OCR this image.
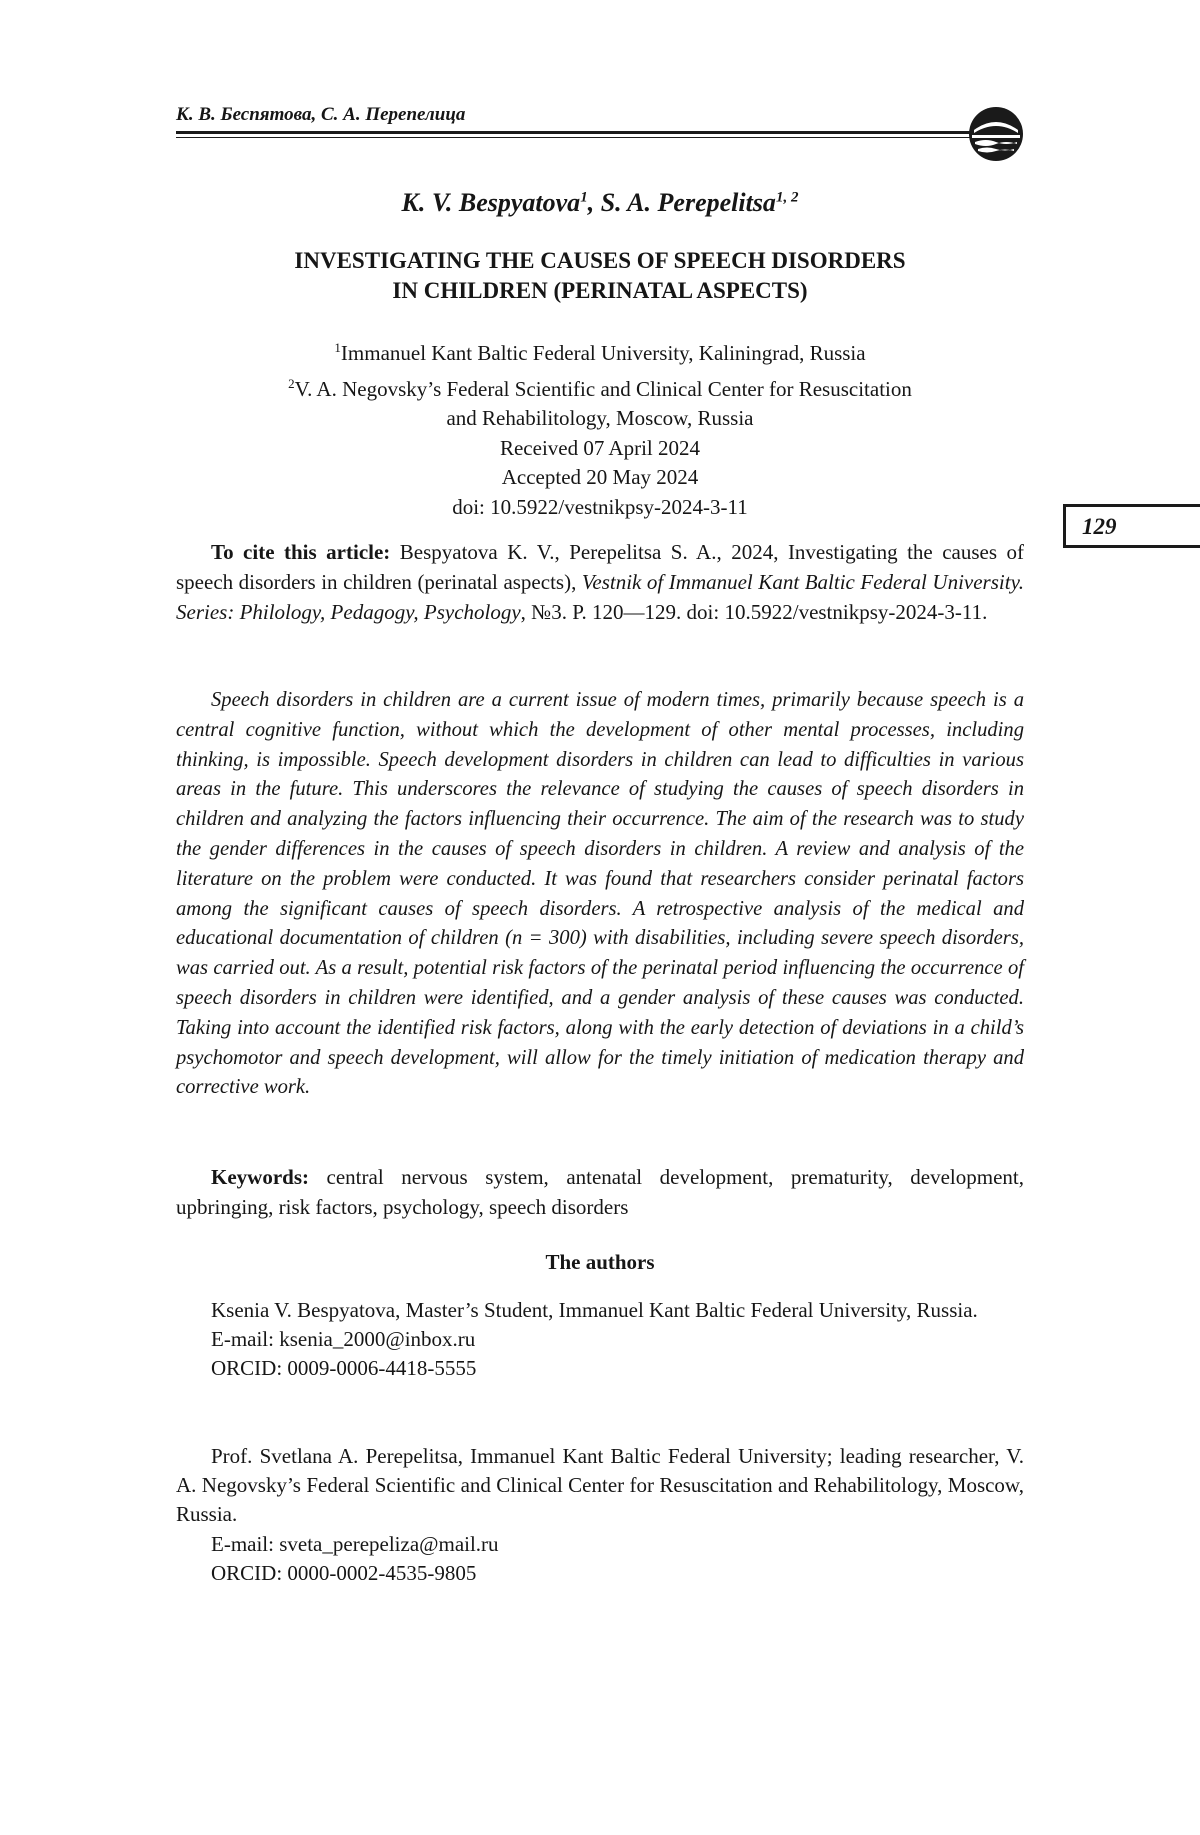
К. В. Беспятова, С. А. Перепелица
129
K. V. Bespyatova$^1$, S. A. Perepelitsa$^{1, 2}$
INVESTIGATING THE CAUSES OF SPEECH DISORDERS
IN CHILDREN (PERINATAL ASPECTS)
$^1$Immanuel Kant Baltic Federal University, Kaliningrad, Russia
$^2$V. A. Negovsky’s Federal Scientific and Clinical Center for Resuscitation
and Rehabilitology, Moscow, Russia
Received 07 April 2024
Accepted 20 May 2024
doi: 10.5922/vestnikpsy-2024-3-11
To cite this article: Bespyatova K. V., Perepelitsa S. A., 2024, Investigating the causes of speech disorders in children (perinatal aspects), Vestnik of Immanuel Kant Baltic Federal University. Series: Philology, Pedagogy, Psychology, №3. P. 120—129. doi: 10.5922/vestnikpsy-2024-3-11.
Speech disorders in children are a current issue of modern times, primarily because speech is a central cognitive function, without which the development of other mental processes, including thinking, is impossible. Speech development disorders in children can lead to difficulties in various areas in the future. This underscores the relevance of studying the causes of speech disorders in children and analyzing the factors influencing their occurrence. The aim of the research was to study the gender differences in the causes of speech disorders in children. A review and analysis of the literature on the problem were conducted. It was found that researchers consider perinatal factors among the significant causes of speech disorders. A retrospective analysis of the medical and educational documentation of children (n = 300) with disabilities, including severe speech disorders, was carried out. As a result, potential risk factors of the perinatal period influencing the occurrence of speech disorders in children were identified, and a gender analysis of these causes was conducted. Taking into account the identified risk factors, along with the early detection of deviations in a child’s psychomotor and speech development, will allow for the timely initiation of medication therapy and corrective work.
Keywords: central nervous system, antenatal development, prematurity, development, upbringing, risk factors, psychology, speech disorders
The authors

Ksenia V. Bespyatova, Master’s Student, Immanuel Kant Baltic Federal University, Russia.

E-mail: ksenia_2000@inbox.ru
ORCID: 0009-0006-4418-5555

Prof. Svetlana A. Perepelitsa, Immanuel Kant Baltic Federal University; leading researcher, V. A. Negovsky’s Federal Scientific and Clinical Center for Resuscitation and Rehabilitology, Moscow, Russia.

E-mail: sveta_perepeliza@mail.ru
ORCID: 0000-0002-4535-9805
